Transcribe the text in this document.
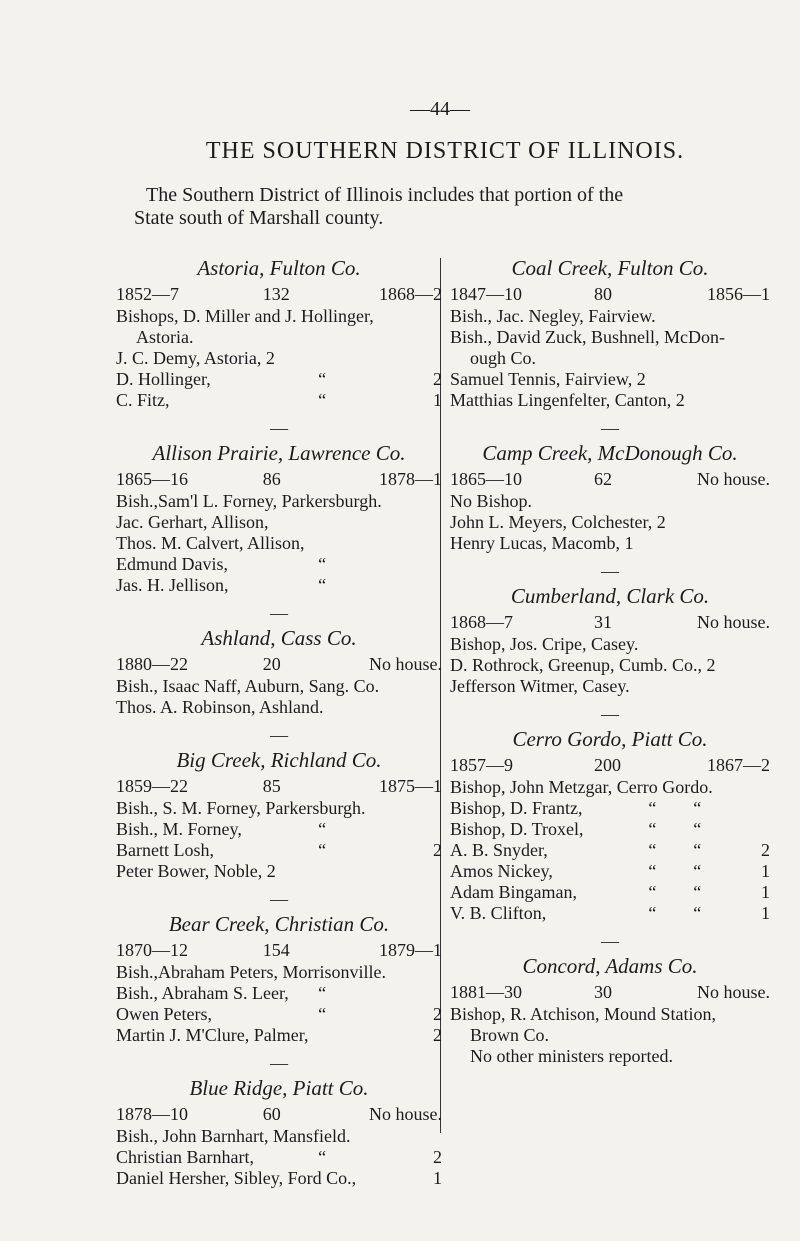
—44—
THE SOUTHERN DISTRICT OF ILLINOIS.
The Southern District of Illinois includes that portion of the
State south of Marshall county.
Astoria, Fulton Co.
1852—7	132	1868—2
Bishops, D. Miller and J. Hollinger,
Astoria.
J. C. Demy, Astoria, 2
D. Hollinger,	“	2
C. Fitz,	“	1
—
Allison Prairie, Lawrence Co.
1865—16	86	1878—1
Bish.,Sam'l L. Forney, Parkersburgh.
Jac. Gerhart, Allison,
Thos. M. Calvert, Allison,
Edmund Davis,	“
Jas. H. Jellison,	“
—
Ashland, Cass Co.
1880—22	20	No house.
Bish., Isaac Naff, Auburn, Sang. Co.
Thos. A. Robinson, Ashland.
—
Big Creek, Richland Co.
1859—22	85	1875—1
Bish., S. M. Forney, Parkersburgh.
Bish., M. Forney,	“
Barnett Losh,	“	2
Peter Bower, Noble, 2
—
Bear Creek, Christian Co.
1870—12	154	1879—1
Bish.,Abraham Peters, Morrisonville.
Bish., Abraham S. Leer, “
Owen Peters,	“	2
Martin J. M'Clure, Palmer,	2
—
Blue Ridge, Piatt Co.
1878—10	60	No house.
Bish., John Barnhart, Mansfield.
Christian Barnhart,	“	2
Daniel Hersher, Sibley, Ford Co.,	1
Coal Creek, Fulton Co.
1847—10	80	1856—1
Bish., Jac. Negley, Fairview.
Bish., David Zuck, Bushnell, McDon-
ough Co.
Samuel Tennis, Fairview, 2
Matthias Lingenfelter, Canton, 2
—
Camp Creek, McDonough Co.
1865—10	62	No house.
No Bishop.
John L. Meyers, Colchester, 2
Henry Lucas, Macomb, 1
—
Cumberland, Clark Co.
1868—7	31	No house.
Bishop, Jos. Cripe, Casey.
D. Rothrock, Greenup, Cumb. Co., 2
Jefferson Witmer, Casey.
—
Cerro Gordo, Piatt Co.
1857—9	200	1867—2
Bishop, John Metzgar, Cerro Gordo.
Bishop, D. Frantz,	“ “
Bishop, D. Troxel,	“ “
A. B. Snyder,	“ “	2
Amos Nickey,	“ “	1
Adam Bingaman,	“ “	1
V. B. Clifton,	“ “	1
—
Concord, Adams Co.
1881—30	30	No house.
Bishop, R. Atchison, Mound Station,
Brown Co.
No other ministers reported.
